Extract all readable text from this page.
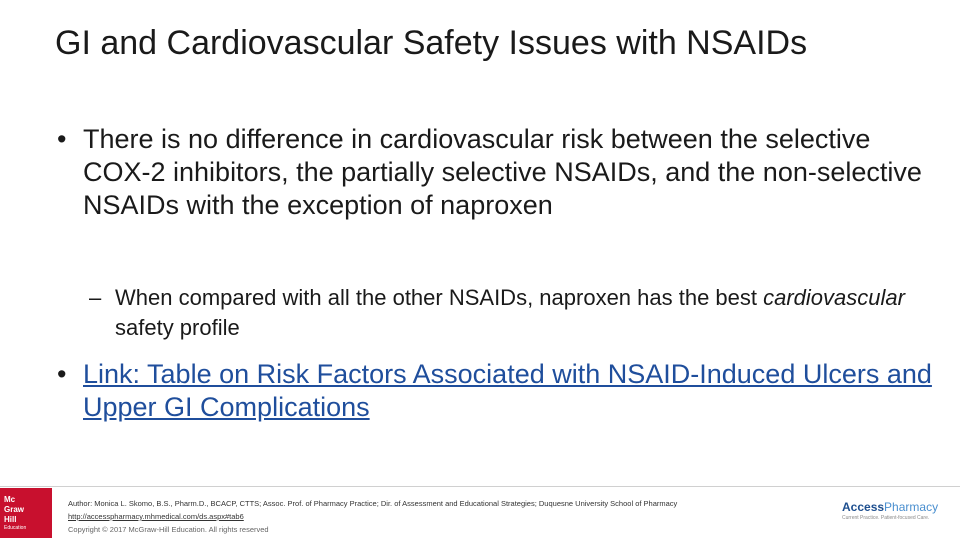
GI and Cardiovascular Safety Issues with NSAIDs
• There is no difference in cardiovascular risk between the selective COX-2 inhibitors, the partially selective NSAIDs, and the non-selective NSAIDs with the exception of naproxen
– When compared with all the other NSAIDs, naproxen has the best cardiovascular safety profile
• Link: Table on Risk Factors Associated with NSAID-Induced Ulcers and Upper GI Complications
Mc
Graw
Hill
Education
Author: Monica L. Skomo, B.S., Pharm.D., BCACP, CTTS; Assoc. Prof. of Pharmacy Practice; Dir. of Assessment and Educational Strategies; Duquesne University School of Pharmacy
http://accesspharmacy.mhmedical.com/ds.aspx#tab6
Copyright © 2017 McGraw-Hill Education. All rights reserved
AccessPharmacy
Current Practice. Patient-focused Care.
